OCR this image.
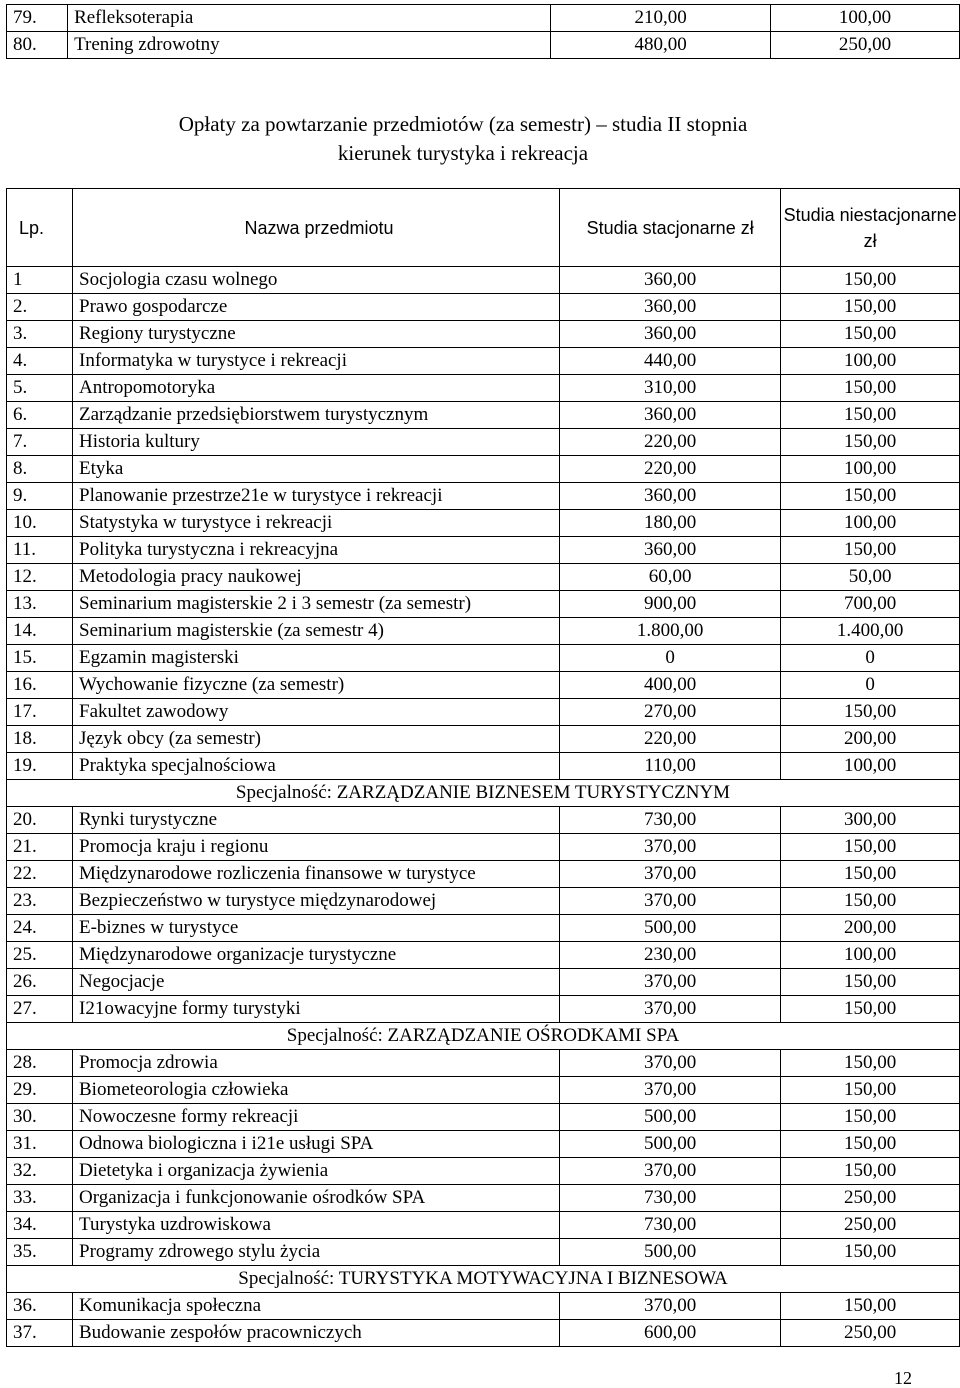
79.	Refleksoterapia	210,00	100,00
80.	Trening zdrowotny	480,00	250,00
Opłaty za powtarzanie przedmiotów (za semestr) – studia II stopnia
kierunek turystyka i rekreacja
Lp.	Nazwa przedmiotu	Studia stacjonarne zł	Studia niestacjonarne zł
1	Socjologia czasu wolnego	360,00	150,00
2.	Prawo gospodarcze	360,00	150,00
3.	Regiony turystyczne	360,00	150,00
4.	Informatyka w turystyce i rekreacji	440,00	100,00
5.	Antropomotoryka	310,00	150,00
6.	Zarządzanie przedsiębiorstwem turystycznym	360,00	150,00
7.	Historia kultury	220,00	150,00
8.	Etyka	220,00	100,00
9.	Planowanie przestrze21e w turystyce i rekreacji	360,00	150,00
10.	Statystyka w turystyce i rekreacji	180,00	100,00
11.	Polityka turystyczna i rekreacyjna	360,00	150,00
12.	Metodologia pracy naukowej	60,00	50,00
13.	Seminarium magisterskie 2 i 3 semestr (za semestr)	900,00	700,00
14.	Seminarium magisterskie (za semestr 4)	1.800,00	1.400,00
15.	Egzamin magisterski	0	0
16.	Wychowanie fizyczne (za semestr)	400,00	0
17.	Fakultet zawodowy	270,00	150,00
18.	Język obcy (za semestr)	220,00	200,00
19.	Praktyka specjalnościowa	110,00	100,00
Specjalność: ZARZĄDZANIE BIZNESEM TURYSTYCZNYM			
20.	Rynki turystyczne	730,00	300,00
21.	Promocja kraju i regionu	370,00	150,00
22.	Międzynarodowe rozliczenia finansowe w turystyce	370,00	150,00
23.	Bezpieczeństwo w turystyce międzynarodowej	370,00	150,00
24.	E-biznes w turystyce	500,00	200,00
25.	Międzynarodowe organizacje turystyczne	230,00	100,00
26.	Negocjacje	370,00	150,00
27.	I21owacyjne formy turystyki	370,00	150,00
Specjalność: ZARZĄDZANIE OŚRODKAMI SPA			
28.	Promocja zdrowia	370,00	150,00
29.	Biometeorologia człowieka	370,00	150,00
30.	Nowoczesne formy rekreacji	500,00	150,00
31.	Odnowa biologiczna i i21e usługi SPA	500,00	150,00
32.	Dietetyka i organizacja żywienia	370,00	150,00
33.	Organizacja i funkcjonowanie ośrodków SPA	730,00	250,00
34.	Turystyka uzdrowiskowa	730,00	250,00
35.	Programy zdrowego stylu życia	500,00	150,00
Specjalność: TURYSTYKA MOTYWACYJNA I BIZNESOWA			
36.	Komunikacja społeczna	370,00	150,00
37.	Budowanie zespołów pracowniczych	600,00	250,00
12
